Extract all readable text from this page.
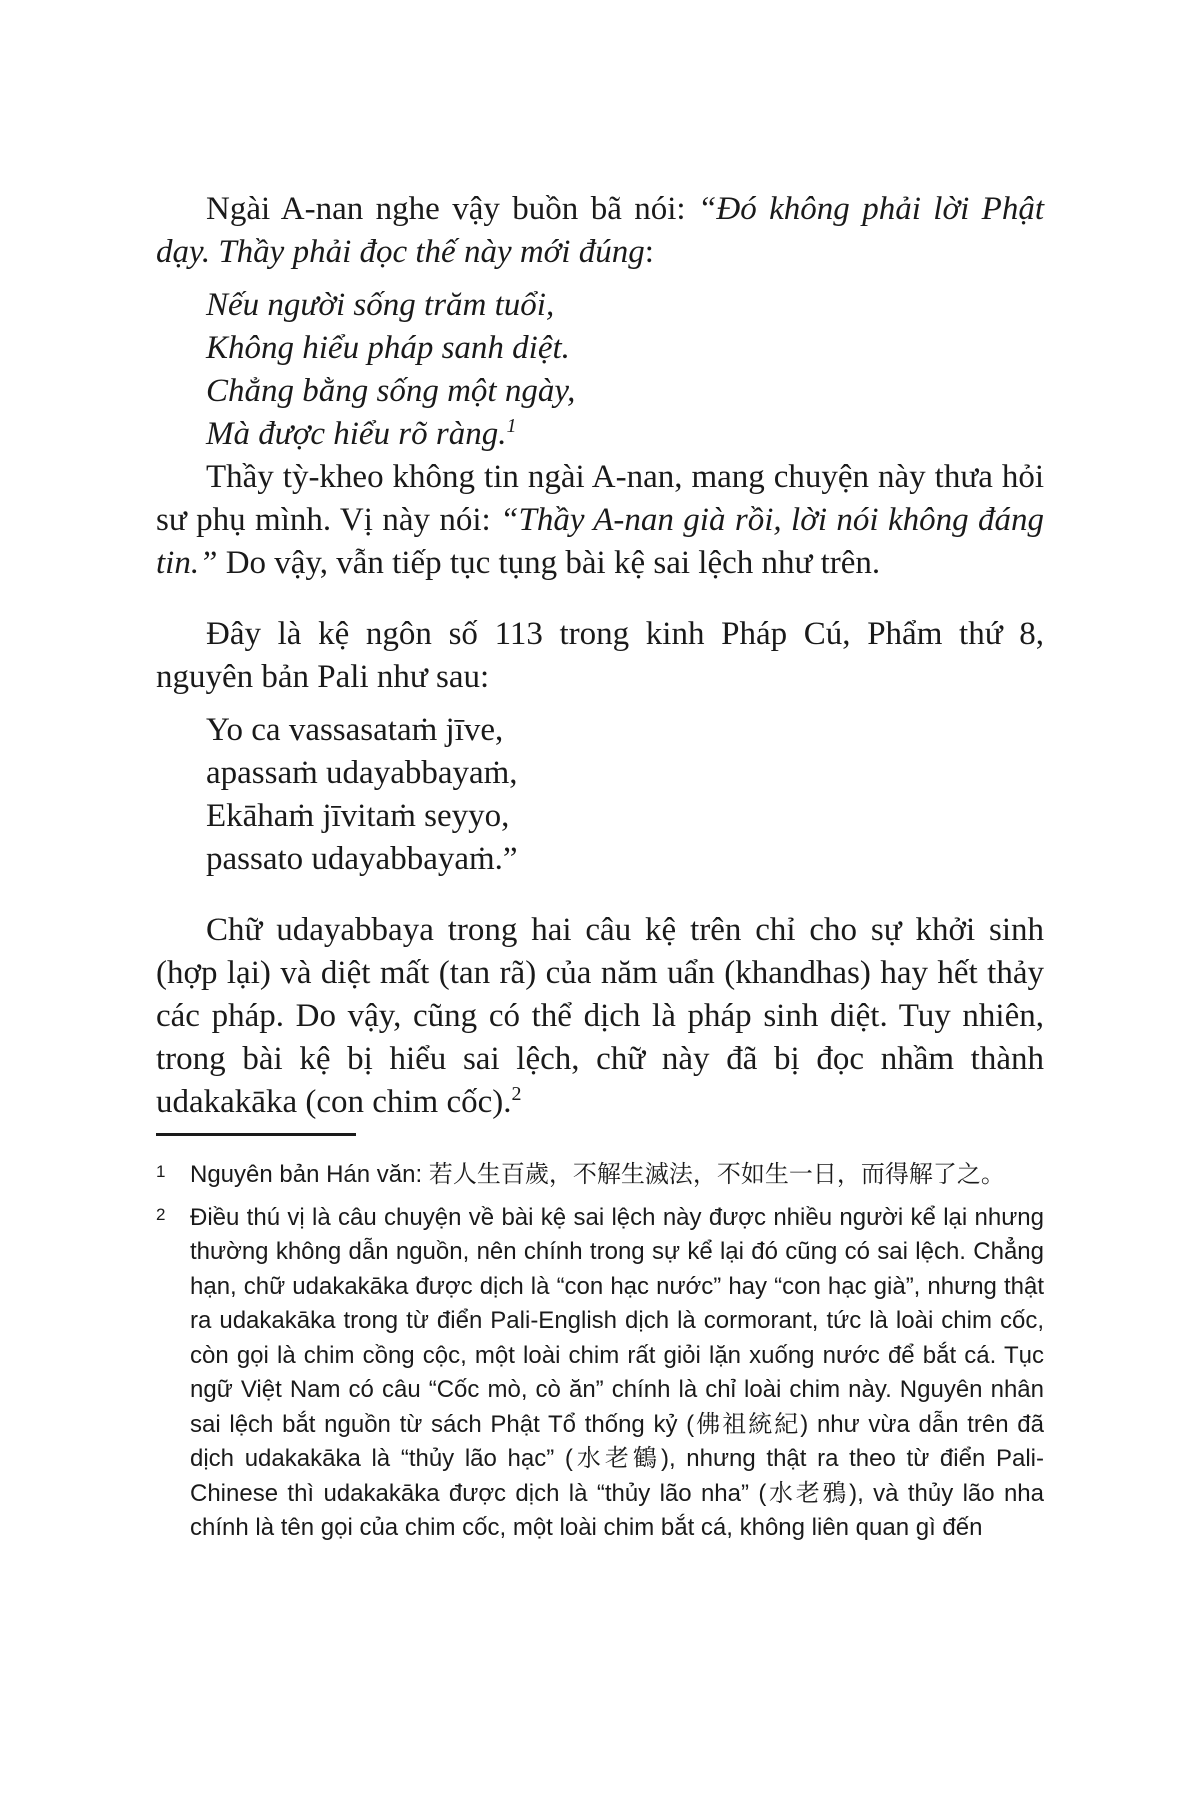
Ngài A-nan nghe vậy buồn bã nói: “Đó không phải lời Phật dạy. Thầy phải đọc thế này mới đúng:

Nếu người sống trăm tuổi,
Không hiểu pháp sanh diệt.
Chẳng bằng sống một ngày,
Mà được hiểu rõ ràng.$^1$

Thầy tỳ-kheo không tin ngài A-nan, mang chuyện này thưa hỏi sư phụ mình. Vị này nói: “Thầy A-nan già rồi, lời nói không đáng tin.” Do vậy, vẫn tiếp tục tụng bài kệ sai lệch như trên.

Đây là kệ ngôn số 113 trong kinh Pháp Cú, Phẩm thứ 8, nguyên bản Pali như sau:

Yo ca vassasataṁ jīve,
apassaṁ udayabbayaṁ,
Ekāhaṁ jīvitaṁ seyyo,
passato udayabbayaṁ.”

Chữ udayabbaya trong hai câu kệ trên chỉ cho sự khởi sinh (hợp lại) và diệt mất (tan rã) của năm uẩn (khandhas) hay hết thảy các pháp. Do vậy, cũng có thể dịch là pháp sinh diệt. Tuy nhiên, trong bài kệ bị hiểu sai lệch, chữ này đã bị đọc nhầm thành udakakāka (con chim cốc).$^2$

1 Nguyên bản Hán văn: 若人生百歲，不解生滅法，不如生一日，而得解了之。

2 Điều thú vị là câu chuyện về bài kệ sai lệch này được nhiều người kể lại nhưng thường không dẫn nguồn, nên chính trong sự kể lại đó cũng có sai lệch. Chẳng hạn, chữ udakakāka được dịch là “con hạc nước” hay “con hạc già”, nhưng thật ra udakakāka trong từ điển Pali-English dịch là cormorant, tức là loài chim cốc, còn gọi là chim cồng cộc, một loài chim rất giỏi lặn xuống nước để bắt cá. Tục ngữ Việt Nam có câu “Cốc mò, cò ăn” chính là chỉ loài chim này. Nguyên nhân sai lệch bắt nguồn từ sách Phật Tổ thống kỷ (佛祖統紀) như vừa dẫn trên đã dịch udakakāka là “thủy lão hạc” (水老鶴), nhưng thật ra theo từ điển Pali-Chinese thì udakakāka được dịch là “thủy lão nha” (水老鴉), và thủy lão nha chính là tên gọi của chim cốc, một loài chim bắt cá, không liên quan gì đến
